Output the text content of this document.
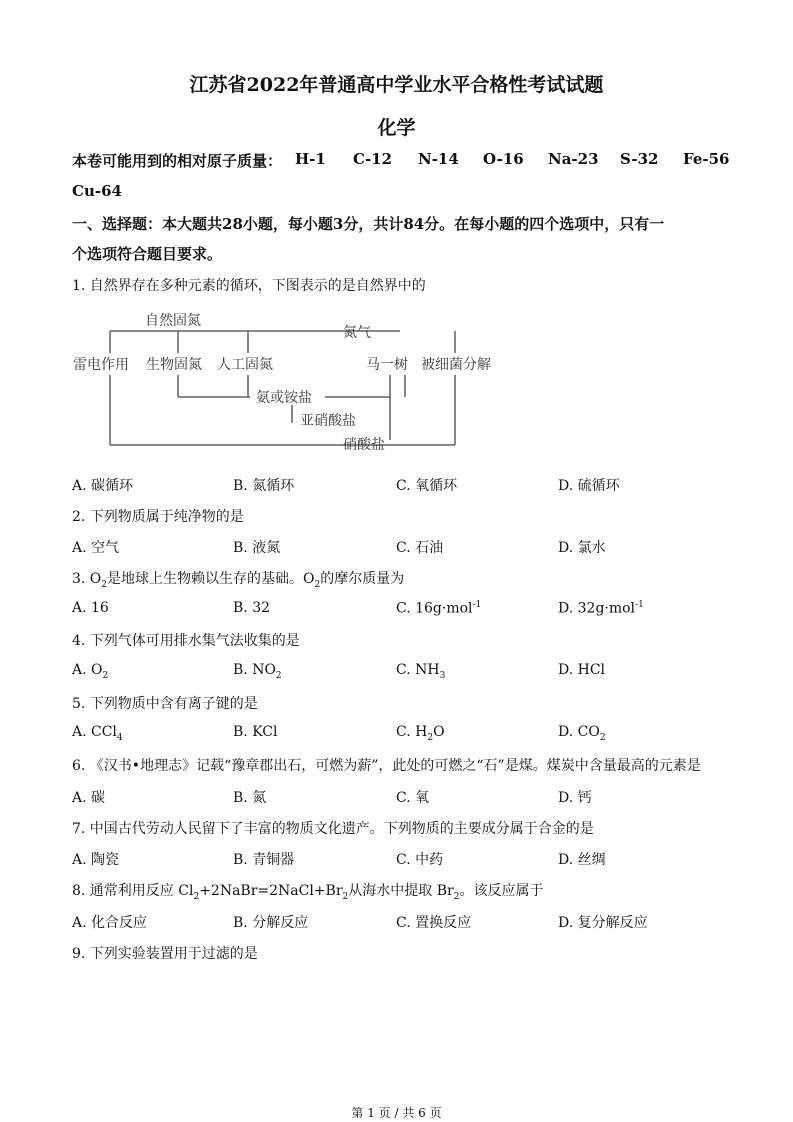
江苏省2022年普通高中学业水平合格性考试试题
化学
本卷可能用到的相对原子质量： H-1 C-12 N-14 O-16 Na-23 S-32 Fe-56
Cu-64
一、选择题：本大题共28小题，每小题3分，共计84分。在每小题的四个选项中，只有一
个选项符合题目要求。
1. 自然界存在多种元素的循环，下图表示的是自然界中的
自然固氮
氮气
雷电作用 生物固氮 人工固氮	马一树 被细菌分解
氨或铵盐
亚硝酸盐
硝酸盐
A. 碳循环	B. 氮循环	C. 氧循环	D. 硫循环
2. 下列物质属于纯净物的是
A. 空气	B. 液氮	C. 石油	D. 氯水
3. $O_2$是地球上生物赖以生存的基础。$O_2$的摩尔质量为
A. 16	B. 32	C. 16g·mol$^{-1}$	D. 32g·mol$^{-1}$
4. 下列气体可用排水集气法收集的是
A. $O_2$	B. $NO_2$	C. $NH_3$	D. HCl
5. 下列物质中含有离子键的是
A. CCl$_4$	B. KCl	C. $H_2O$	D. $CO_2$
6. 《汉书•地理志》记载“豫章郡出石，可燃为薪”，此处的可燃之“石”是煤。煤炭中含量最高的元素是
A. 碳	B. 氮	C. 氧	D. 钙
7. 中国古代劳动人民留下了丰富的物质文化遗产。下列物质的主要成分属于合金的是
A. 陶瓷	B. 青铜器	C. 中药	D. 丝绸
8. 通常利用反应 $Cl_2+2NaBr=2NaCl+Br_2$从海水中提取 $Br_2$。该反应属于
A. 化合反应	B. 分解反应	C. 置换反应	D. 复分解反应
9. 下列实验装置用于过滤的是
第 1 页 / 共 6 页
